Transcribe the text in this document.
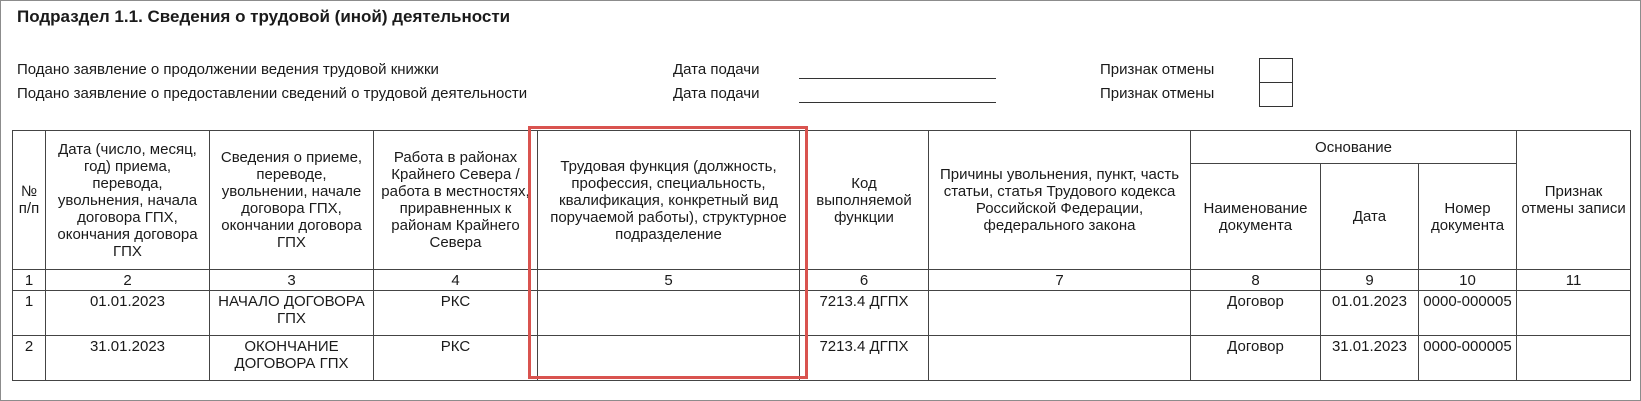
Подраздел 1.1. Сведения о трудовой (иной) деятельности
Подано заявление о продолжении ведения трудовой книжки	Дата подачи	Признак отмены
Подано заявление о предоставлении сведений о трудовой деятельности	Дата подачи	Признак отмены
№ п/п	Дата (число, месяц, год) приема, перевода, увольнения, начала договора ГПХ, окончания договора ГПХ	Сведения о приеме, переводе, увольнении, начале договора ГПХ, окончании договора ГПХ	Работа в районах Крайнего Севера / работа в местностях, приравненных к районам Крайнего Севера	Трудовая функция (должность, профессия, специальность, квалификация, конкретный вид поручаемой работы), структурное подразделение	Код выполняемой функции	Причины увольнения, пункт, часть статьи, статья Трудового кодекса Российской Федерации, федерального закона	Основание			Признак отмены записи
							Наименование документа	Дата	Номер документа	
1	2	3	4	5	6	7	8	9	10	11
1	01.01.2023	НАЧАЛО ДОГОВОРА ГПХ	РКС		7213.4 ДГПХ		Договор	01.01.2023	0000-000005	
2	31.01.2023	ОКОНЧАНИЕ ДОГОВОРА ГПХ	РКС		7213.4 ДГПХ		Договор	31.01.2023	0000-000005	
